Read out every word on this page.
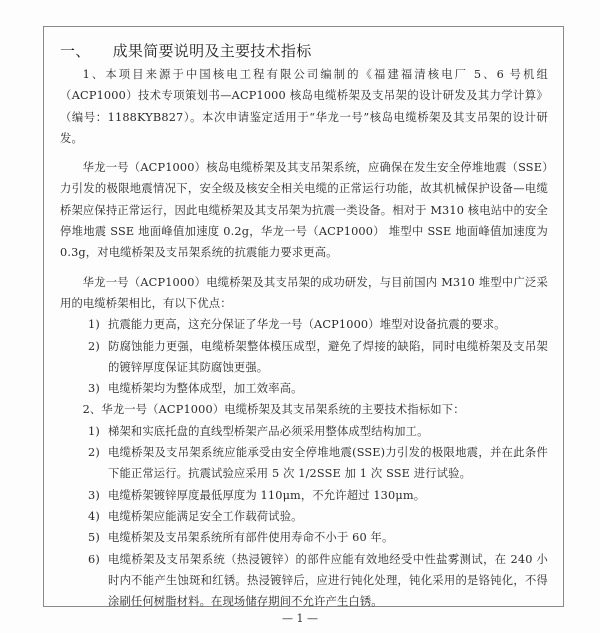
一、 成果简要说明及主要技术指标

1、本项目来源于中国核电工程有限公司编制的《福建福清核电厂 5、6 号机组（ACP1000）技术专项策划书—ACP1000 核岛电缆桥架及支吊架的设计研发及其力学计算》（编号：1188KYB827）。本次申请鉴定适用于“华龙一号”核岛电缆桥架及其支吊架的设计研发。

华龙一号（ACP1000）核岛电缆桥架及其支吊架系统，应确保在发生安全停堆地震（SSE）力引发的极限地震情况下，安全级及核安全相关电缆的正常运行功能，故其机械保护设备—电缆桥架应保持正常运行，因此电缆桥架及其支吊架为抗震一类设备。相对于 M310 核电站中的安全停堆地震 SSE 地面峰值加速度 0.2g，华龙一号（ACP1000） 堆型中 SSE 地面峰值加速度为 0.3g，对电缆桥架及支吊架系统的抗震能力要求更高。

华龙一号（ACP1000）电缆桥架及其支吊架的成功研发，与目前国内 M310 堆型中广泛采用的电缆桥架相比，有以下优点：

1) 抗震能力更高，这充分保证了华龙一号（ACP1000）堆型对设备抗震的要求。
2) 防腐蚀能力更强，电缆桥架整体模压成型，避免了焊接的缺陷，同时电缆桥架及支吊架的镀锌厚度保证其防腐蚀更强。
3) 电缆桥架均为整体成型，加工效率高。

2、华龙一号（ACP1000）电缆桥架及其支吊架系统的主要技术指标如下：

1) 梯架和实底托盘的直线型桥架产品必须采用整体成型结构加工。
2) 电缆桥架及支吊架系统应能承受由安全停堆地震(SSE)力引发的极限地震，并在此条件下能正常运行。抗震试验应采用 5 次 1/2SSE 加 1 次 SSE 进行试验。
3) 电缆桥架镀锌厚度最低厚度为 110μm，不允许超过 130μm。
4) 电缆桥架应能满足安全工作载荷试验。
5) 电缆桥架及支吊架系统所有部件使用寿命不小于 60 年。
6) 电缆桥架及支吊架系统（热浸镀锌）的部件应能有效地经受中性盐雾测试，在 240 小时内不能产生蚀斑和红锈。热浸镀锌后，应进行钝化处理，钝化采用的是铬钝化，不得涂刷任何树脂材料。在现场储存期间不允许产生白锈。
— 1 —
